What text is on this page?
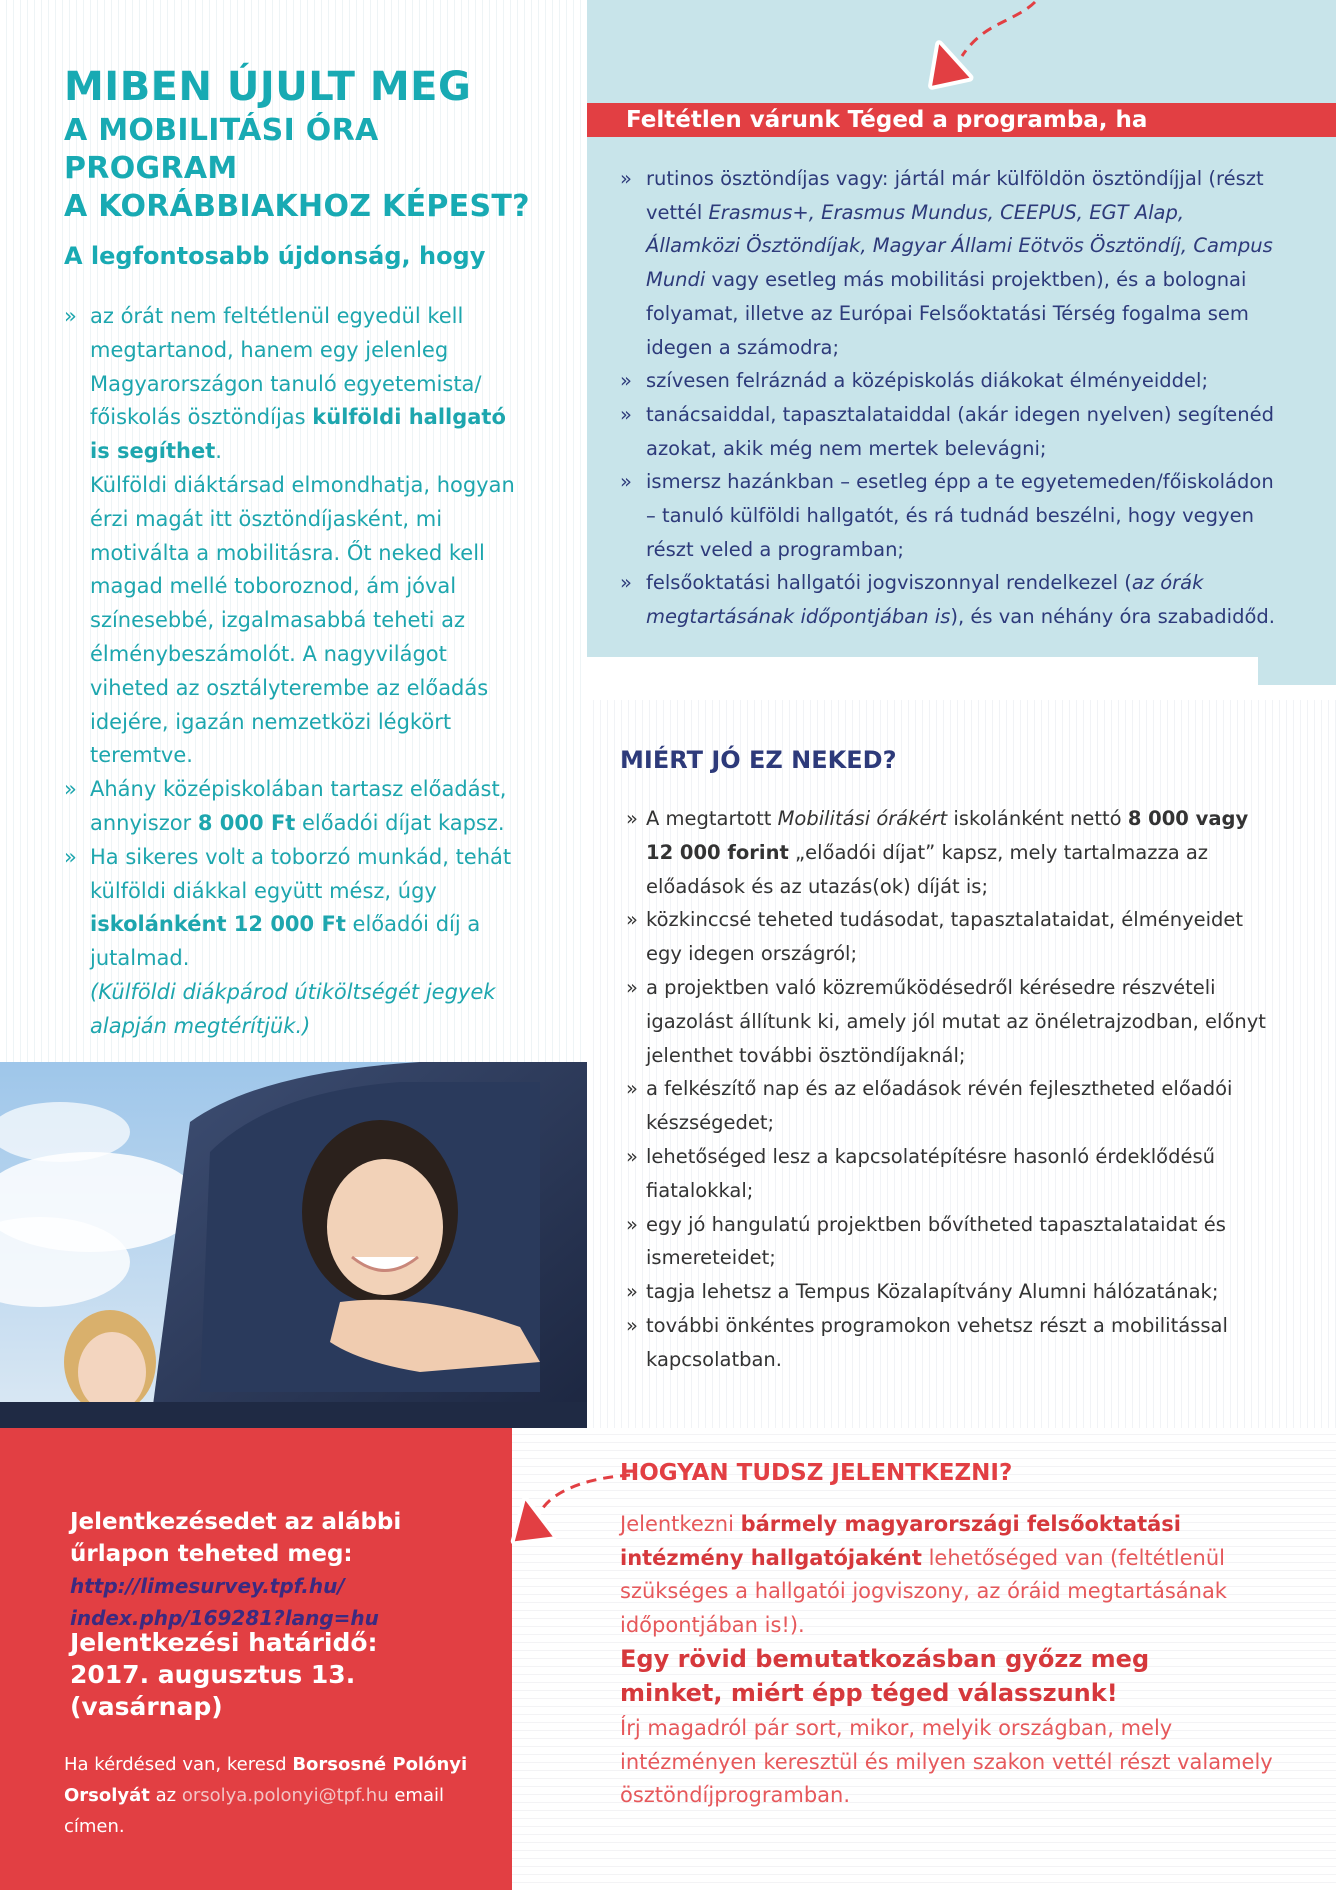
MIBEN ÚJULT MEG
A MOBILITÁSI ÓRA PROGRAM
A KORÁBBIAKHOZ KÉPEST?
A legfontosabb újdonság, hogy
» az órát nem feltétlenül egyedül kell megtartanod, hanem egy jelenleg Magyarországon tanuló egyetemista/ főiskolás ösztöndíjas külföldi hallgató is segíthet.
Külföldi diáktársad elmondhatja, hogyan érzi magát itt ösztöndíjasként, mi motiválta a mobilitásra. Őt neked kell magad mellé toboroznod, ám jóval színesebbé, izgalmasabbá teheti az élménybeszámolót. A nagyvilágot viheted az osztályterembe az előadás idejére, igazán nemzetközi légkört teremtve.
» Ahány középiskolában tartasz előadást, annyiszor 8 000 Ft előadói díjat kapsz.
» Ha sikeres volt a toborzó munkád, tehát külföldi diákkal együtt mész, úgy iskolánként 12 000 Ft előadói díj a jutalmad.
(Külföldi diákpárod útiköltségét jegyek alapján megtérítjük.)
Feltétlen várunk Téged a programba, ha
» rutinos ösztöndíjas vagy: jártál már külföldön ösztöndíjjal (részt vettél Erasmus+, Erasmus Mundus, CEEPUS, EGT Alap, Államközi Ösztöndíjak, Magyar Állami Eötvös Ösztöndíj, Campus Mundi vagy esetleg más mobilitási projektben), és a bolognai folyamat, illetve az Európai Felsőoktatási Térség fogalma sem idegen a számodra;
» szívesen felráznád a középiskolás diákokat élményeiddel;
» tanácsaiddal, tapasztalataiddal (akár idegen nyelven) segítenéd azokat, akik még nem mertek belevágni;
» ismersz hazánkban – esetleg épp a te egyetemeden/főiskoládon – tanuló külföldi hallgatót, és rá tudnád beszélni, hogy vegyen részt veled a programban;
» felsőoktatási hallgatói jogviszonnyal rendelkezel (az órák megtartásának időpontjában is), és van néhány óra szabadidőd.
MIÉRT JÓ EZ NEKED?
» A megtartott Mobilitási órákért iskolánként nettó 8 000 vagy 12 000 forint „előadói díjat” kapsz, mely tartalmazza az előadások és az utazás(ok) díját is;
» közkinccsé teheted tudásodat, tapasztalataidat, élményeidet egy idegen országról;
» a projektben való közreműködésedről kérésedre részvételi igazolást állítunk ki, amely jól mutat az önéletrajzodban, előnyt jelenthet további ösztöndíjaknál;
» a felkészítő nap és az előadások révén fejlesztheted előadói készségedet;
» lehetőséged lesz a kapcsolatépítésre hasonló érdeklődésű fiatalokkal;
» egy jó hangulatú projektben bővítheted tapasztalataidat és ismereteidet;
» tagja lehetsz a Tempus Közalapítvány Alumni hálózatának;
» további önkéntes programokon vehetsz részt a mobilitással kapcsolatban.
Jelentkezésedet az alábbi űrlapon teheted meg: http://limesurvey.tpf.hu/ index.php/169281?lang=hu
Jelentkezési határidő:
2017. augusztus 13. (vasárnap)
Ha kérdésed van, keresd Borsosné Polónyi Orsolyát az orsolya.polonyi@tpf.hu email címen.
HOGYAN TUDSZ JELENTKEZNI?
Jelentkezni bármely magyarországi felsőoktatási intézmény hallgatójaként lehetőséged van (feltétlenül szükséges a hallgatói jogviszony, az óráid megtartásának időpontjában is!).
Egy rövid bemutatkozásban győzz meg
minket, miért épp téged válasszunk!
Írj magadról pár sort, mikor, melyik országban, mely intézményen keresztül és milyen szakon vettél részt valamely ösztöndíjprogramban.
